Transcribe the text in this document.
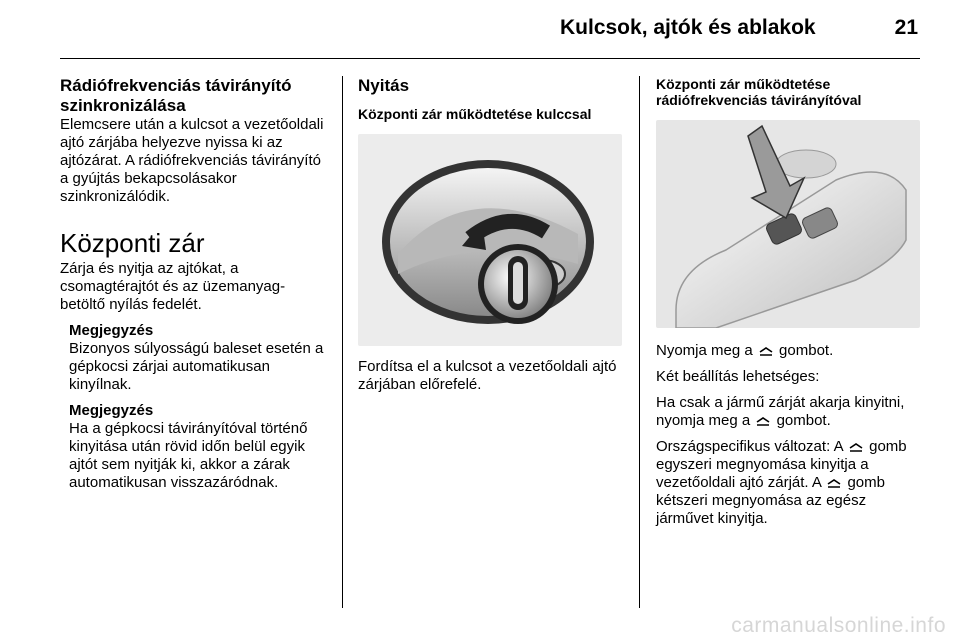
Kulcsok, ajtók és ablakok	21
Rádiófrekvenciás távirányító szinkronizálása

Elemcsere után a kulcsot a vezetőoldali ajtó zárjába helyezve nyissa ki az ajtózárat. A rádiófrekvenciás távirányító a gyújtás bekapcsolásakor szinkronizálódik.

Központi zár

Zárja és nyitja az ajtókat, a csomagtérajtót és az üzemanyag-betöltő nyílás fedelét.

Megjegyzés

Bizonyos súlyosságú baleset esetén a gépkocsi zárjai automatikusan kinyílnak.

Megjegyzés

Ha a gépkocsi távirányítóval történő kinyitása után rövid időn belül egyik ajtót sem nyitják ki, akkor a zárak automatikusan visszazáródnak.

Nyitás
Központi zár működtetése kulccsal

Fordítsa el a kulcsot a vezetőoldali ajtó zárjában előrefelé.

Központi zár működtetése rádiófrekvenciás távirányítóval

Nyomja meg a gombot.

Két beállítás lehetséges:

Ha csak a jármű zárját akarja kinyitni, nyomja meg a gombot.

Országspecifikus változat: A gomb egyszeri megnyomása kinyitja a vezetőoldali ajtó zárját. A gomb kétszeri megnyomása az egész járművet kinyitja.

carmanualsonline.info
